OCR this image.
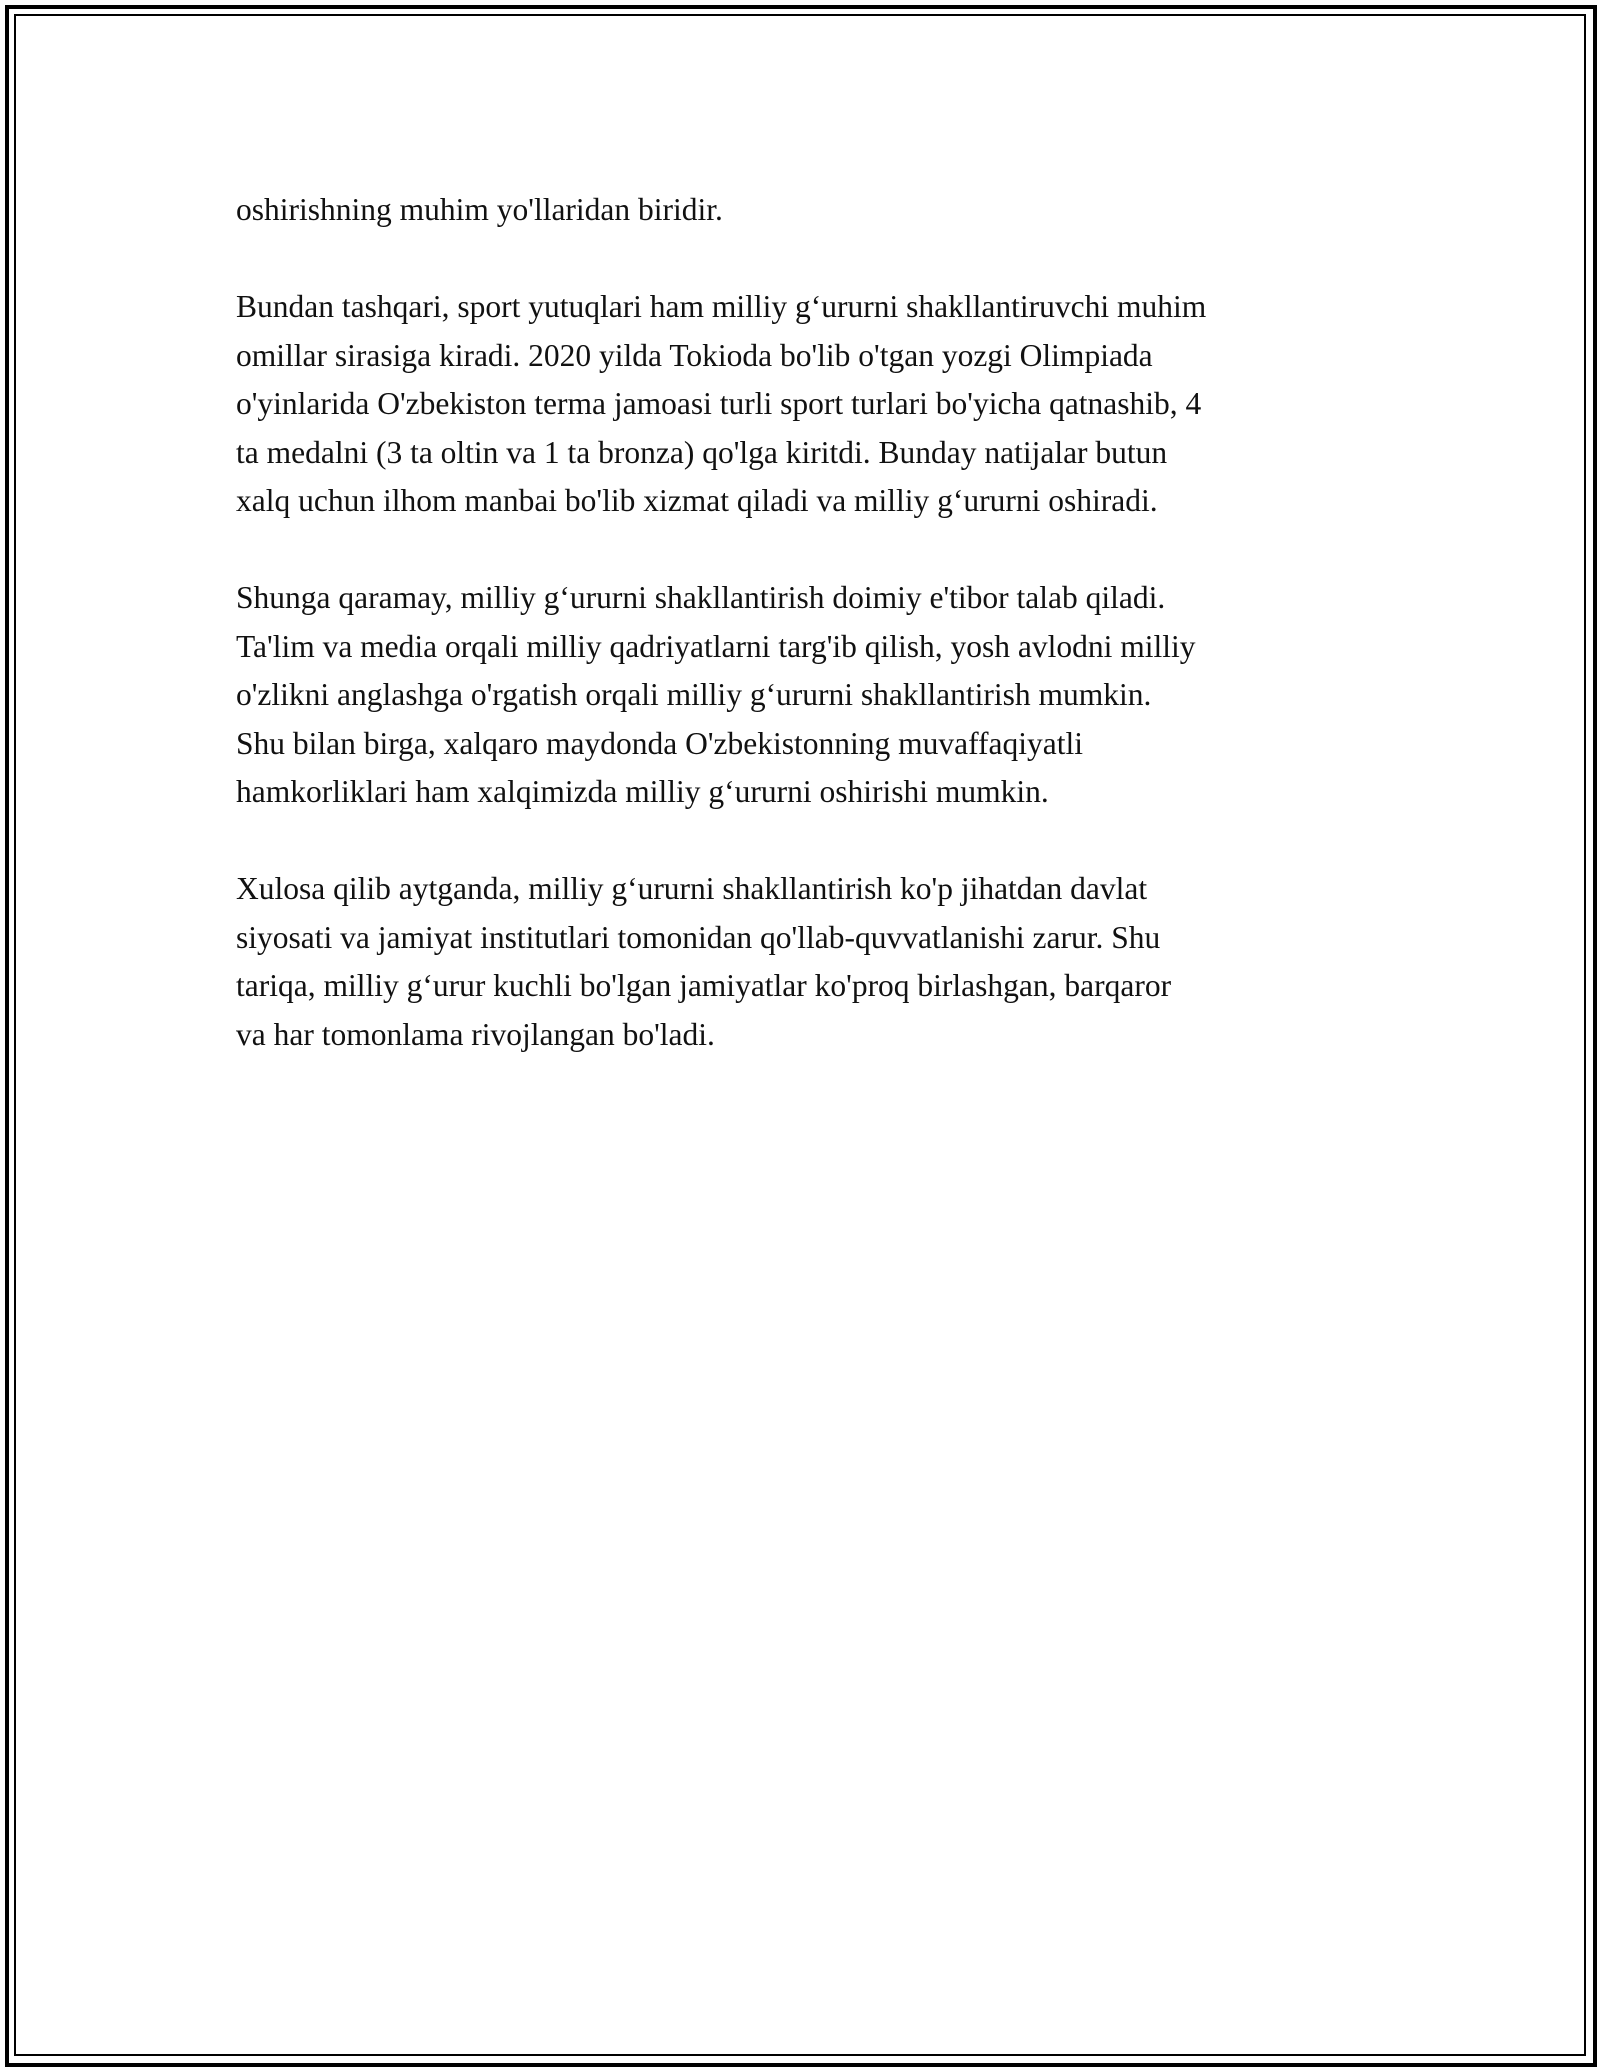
oshirishning muhim yo'llaridan biridir.

Bundan tashqari, sport yutuqlari ham milliy g‘ururni shakllantiruvchi muhim
omillar sirasiga kiradi. 2020 yilda Tokioda bo'lib o'tgan yozgi Olimpiada
o'yinlarida O'zbekiston terma jamoasi turli sport turlari bo'yicha qatnashib, 4
ta medalni (3 ta oltin va 1 ta bronza) qo'lga kiritdi. Bunday natijalar butun
xalq uchun ilhom manbai bo'lib xizmat qiladi va milliy g‘ururni oshiradi.

Shunga qaramay, milliy g‘ururni shakllantirish doimiy e'tibor talab qiladi.
Ta'lim va media orqali milliy qadriyatlarni targ'ib qilish, yosh avlodni milliy
o'zlikni anglashga o'rgatish orqali milliy g‘ururni shakllantirish mumkin.
Shu bilan birga, xalqaro maydonda O'zbekistonning muvaffaqiyatli
hamkorliklari ham xalqimizda milliy g‘ururni oshirishi mumkin.

Xulosa qilib aytganda, milliy g‘ururni shakllantirish ko'p jihatdan davlat
siyosati va jamiyat institutlari tomonidan qo'llab-quvvatlanishi zarur. Shu
tariqa, milliy g‘urur kuchli bo'lgan jamiyatlar ko'proq birlashgan, barqaror
va har tomonlama rivojlangan bo'ladi.
